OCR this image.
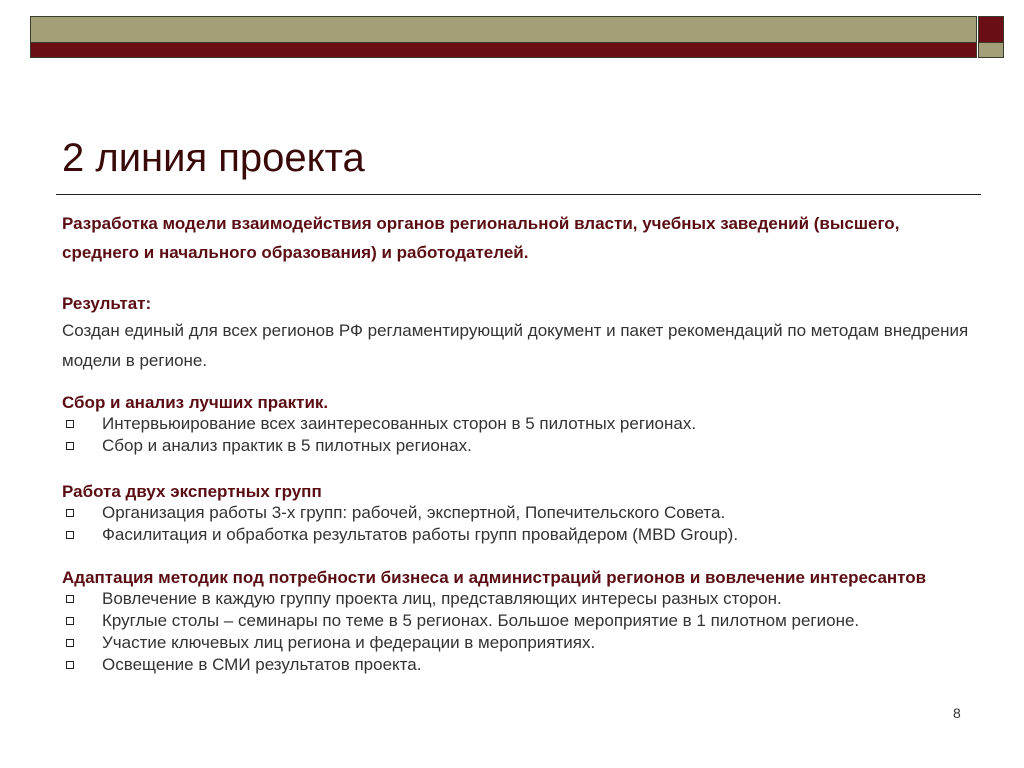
2 линия проекта
Разработка модели взаимодействия органов региональной власти, учебных заведений (высшего, среднего и начального образования) и работодателей.
Результат:
Создан единый для всех регионов РФ регламентирующий документ и пакет рекомендаций по методам внедрения модели в регионе.
Сбор и анализ лучших практик.
Интервьюирование всех заинтересованных сторон в 5 пилотных регионах.
Сбор и анализ практик в 5 пилотных регионах.
Работа двух экспертных групп
Организация работы 3-х групп: рабочей, экспертной, Попечительского Совета.
Фасилитация и обработка результатов работы групп провайдером (MBD Group).
Адаптация методик под потребности бизнеса и администраций регионов и вовлечение интересантов
Вовлечение в каждую группу проекта лиц, представляющих интересы разных сторон.
Круглые столы – семинары по теме в 5 регионах. Большое мероприятие в 1 пилотном регионе.
Участие ключевых лиц региона и федерации в мероприятиях.
Освещение в СМИ результатов проекта.
8
